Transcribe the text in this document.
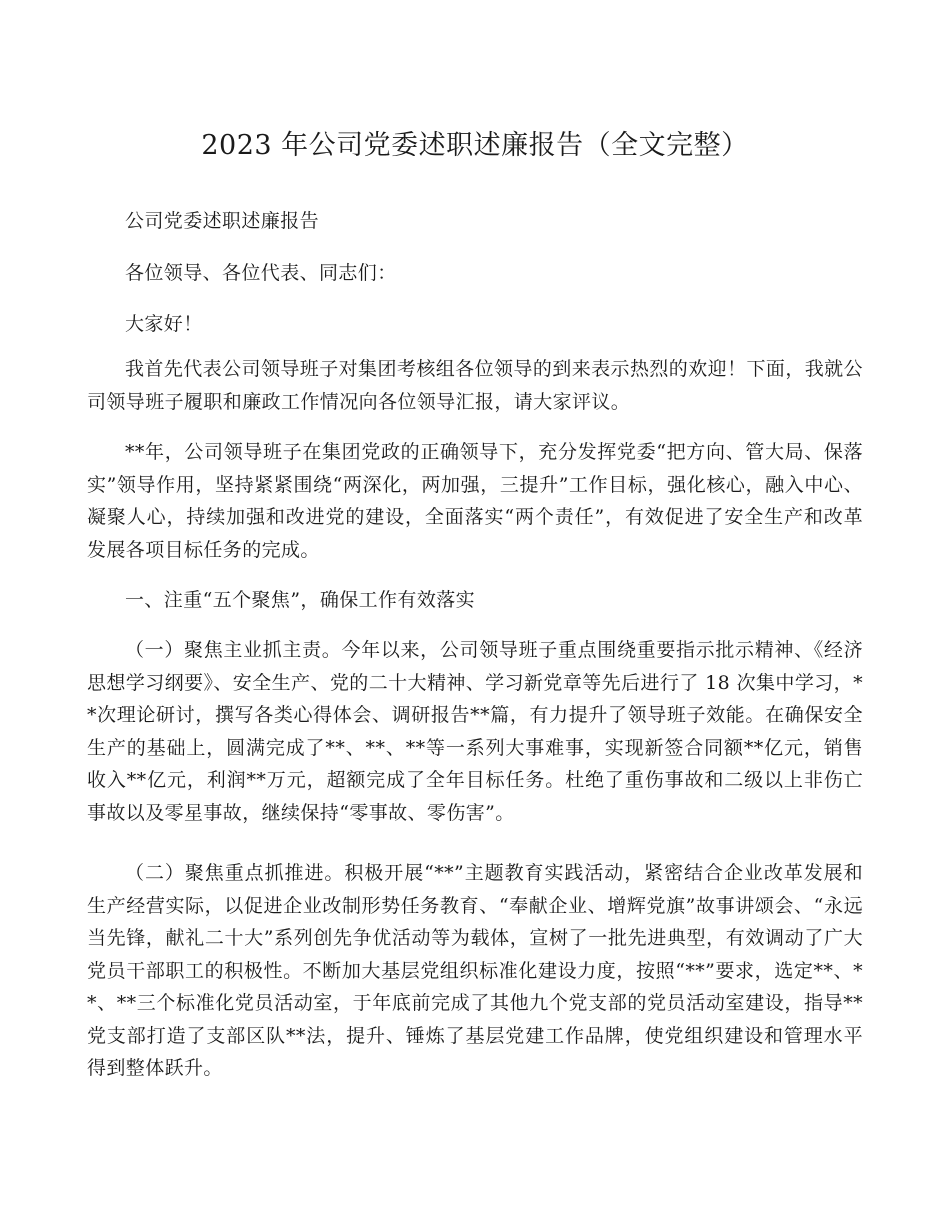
2023 年公司党委述职述廉报告（全文完整）

公司党委述职述廉报告

各位领导、各位代表、同志们：

大家好！

我首先代表公司领导班子对集团考核组各位领导的到来表示热烈的欢迎！下面，我就公司领导班子履职和廉政工作情况向各位领导汇报，请大家评议。

**年，公司领导班子在集团党政的正确领导下，充分发挥党委“把方向、管大局、保落实”领导作用，坚持紧紧围绕“两深化，两加强，三提升”工作目标，强化核心，融入中心、凝聚人心，持续加强和改进党的建设，全面落实“两个责任”，有效促进了安全生产和改革发展各项目标任务的完成。

一、注重“五个聚焦”，确保工作有效落实

（一）聚焦主业抓主责。今年以来，公司领导班子重点围绕重要指示批示精神、《经济思想学习纲要》、安全生产、党的二十大精神、学习新党章等先后进行了 18 次集中学习，**次理论研讨，撰写各类心得体会、调研报告**篇，有力提升了领导班子效能。在确保安全生产的基础上，圆满完成了**、**、**等一系列大事难事，实现新签合同额**亿元，销售收入**亿元，利润**万元，超额完成了全年目标任务。杜绝了重伤事故和二级以上非伤亡事故以及零星事故，继续保持“零事故、零伤害”。

（二）聚焦重点抓推进。积极开展“**”主题教育实践活动，紧密结合企业改革发展和生产经营实际，以促进企业改制形势任务教育、“奉献企业、增辉党旗”故事讲颂会、“永远当先锋，献礼二十大”系列创先争优活动等为载体，宣树了一批先进典型，有效调动了广大党员干部职工的积极性。不断加大基层党组织标准化建设力度，按照“**”要求，选定**、**、**三个标准化党员活动室，于年底前完成了其他九个党支部的党员活动室建设，指导**党支部打造了支部区队**法，提升、锤炼了基层党建工作品牌，使党组织建设和管理水平得到整体跃升。
